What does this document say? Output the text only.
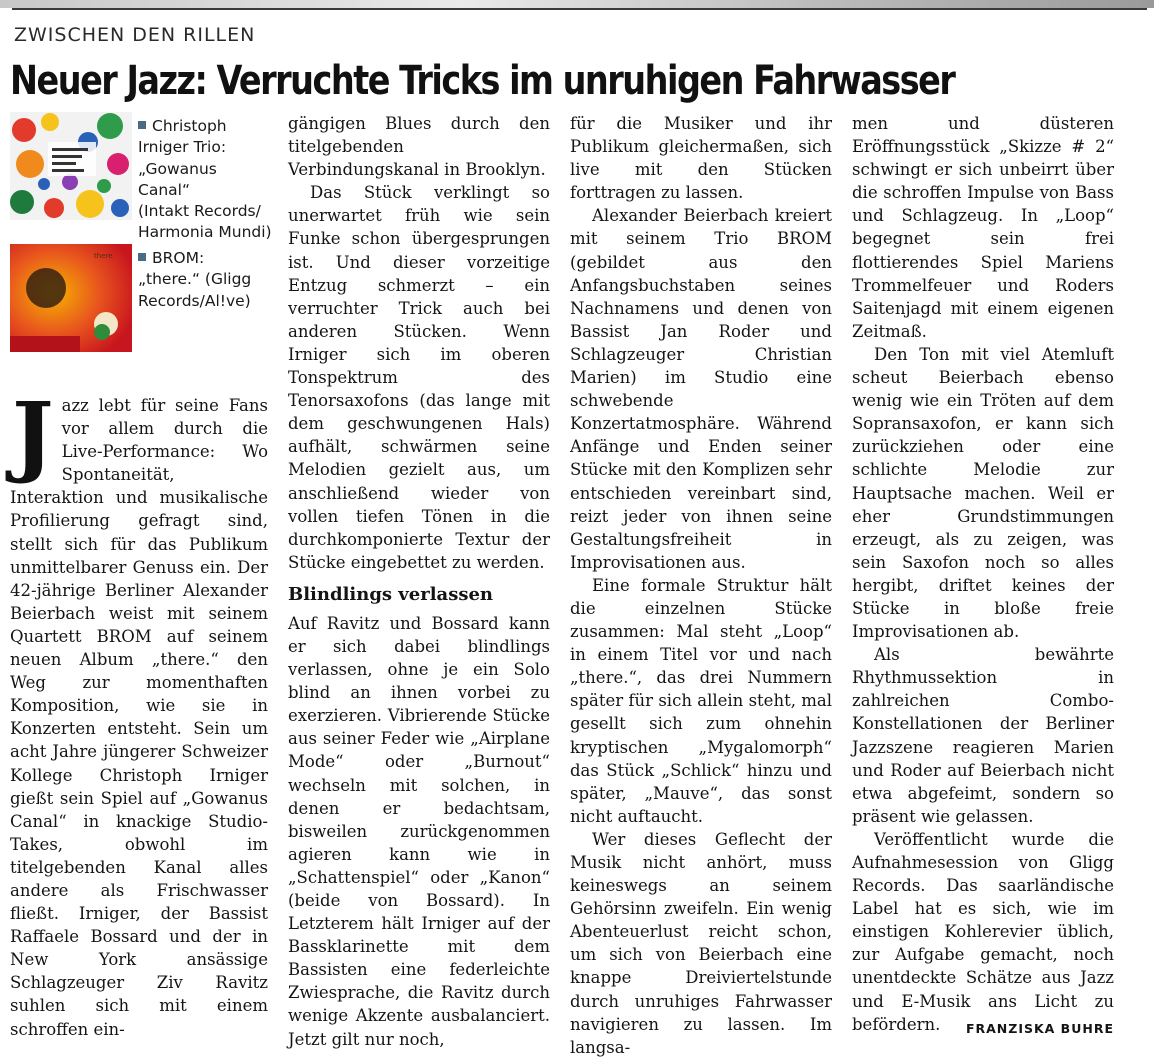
ZWISCHEN DEN RILLEN
Neuer Jazz: Verruchte Tricks im unruhigen Fahrwasser
Christoph
Irniger Trio:
„Gowanus Canal“
(Intakt Records/
Harmonia Mundi)
there.	BROM:
„there.“ (Gligg
Records/Al!ve)
J azz lebt für seine Fans vor allem durch die Live-Performance: Wo Spontaneität, Interaktion und musikalische Profilierung gefragt sind, stellt sich für das Publikum unmittelbarer Genuss ein. Der 42-jährige Berliner Alexander Beierbach weist mit seinem Quartett BROM auf seinem neuen Album „there.“ den Weg zur momenthaften Komposition, wie sie in Konzerten entsteht. Sein um acht Jahre jüngerer Schweizer Kollege Christoph Irniger gießt sein Spiel auf „Gowanus Canal“ in knackige Studio-Takes, obwohl im titelgebenden Kanal alles andere als Frischwasser fließt. Irniger, der Bassist Raffaele Bossard und der in New York ansässige Schlagzeuger Ziv Ravitz suhlen sich mit einem schroffen ein-

gängigen Blues durch den titelgebenden Verbindungskanal in Brooklyn.

Das Stück verklingt so unerwartet früh wie sein Funke schon übergesprungen ist. Und dieser vorzeitige Entzug schmerzt – ein verruchter Trick auch bei anderen Stücken. Wenn Irniger sich im oberen Tonspektrum des Tenorsaxofons (das lange mit dem geschwungenen Hals) aufhält, schwärmen seine Melodien gezielt aus, um anschließend wieder von vollen tiefen Tönen in die durchkomponierte Textur der Stücke eingebettet zu werden.

Blindlings verlassen

Auf Ravitz und Bossard kann er sich dabei blindlings verlassen, ohne je ein Solo blind an ihnen vorbei zu exerzieren. Vibrierende Stücke aus seiner Feder wie „Airplane Mode“ oder „Burnout“ wechseln mit solchen, in denen er bedachtsam, bisweilen zurückgenommen agieren kann wie in „Schattenspiel“ oder „Kanon“ (beide von Bossard). In Letzterem hält Irniger auf der Bassklarinette mit dem Bassisten eine federleichte Zwiesprache, die Ravitz durch wenige Akzente ausbalanciert. Jetzt gilt nur noch,

für die Musiker und ihr Publikum gleichermaßen, sich live mit den Stücken forttragen zu lassen.

Alexander Beierbach kreiert mit seinem Trio BROM (gebildet aus den Anfangsbuchstaben seines Nachnamens und denen von Bassist Jan Roder und Schlagzeuger Christian Marien) im Studio eine schwebende Konzertatmosphäre. Während Anfänge und Enden seiner Stücke mit den Komplizen sehr entschieden vereinbart sind, reizt jeder von ihnen seine Gestaltungsfreiheit in Improvisationen aus.

Eine formale Struktur hält die einzelnen Stücke zusammen: Mal steht „Loop“ in einem Titel vor und nach „there.“, das drei Nummern später für sich allein steht, mal gesellt sich zum ohnehin kryptischen „Mygalomorph“ das Stück „Schlick“ hinzu und später, „Mauve“, das sonst nicht auftaucht.

Wer dieses Geflecht der Musik nicht anhört, muss keineswegs an seinem Gehörsinn zweifeln. Ein wenig Abenteuerlust reicht schon, um sich von Beierbach eine knappe Dreiviertelstunde durch unruhiges Fahrwasser navigieren zu lassen. Im langsa-

men und düsteren Eröffnungsstück „Skizze # 2“ schwingt er sich unbeirrt über die schroffen Impulse von Bass und Schlagzeug. In „Loop“ begegnet sein frei flottierendes Spiel Mariens Trommelfeuer und Roders Saitenjagd mit einem eigenen Zeitmaß.

Den Ton mit viel Atemluft scheut Beierbach ebenso wenig wie ein Tröten auf dem Sopransaxofon, er kann sich zurückziehen oder eine schlichte Melodie zur Hauptsache machen. Weil er eher Grundstimmungen erzeugt, als zu zeigen, was sein Saxofon noch so alles hergibt, driftet keines der Stücke in bloße freie Improvisationen ab.

Als bewährte Rhythmussektion in zahlreichen Combo-Konstellationen der Berliner Jazzszene reagieren Marien und Roder auf Beierbach nicht etwa abgefeimt, sondern so präsent wie gelassen.

Veröffentlicht wurde die Aufnahmesession von Gligg Records. Das saarländische Label hat es sich, wie im einstigen Kohlerevier üblich, zur Aufgabe gemacht, noch unentdeckte Schätze aus Jazz und E-Musik ans Licht zu befördern.	FRANZISKA BUHRE
